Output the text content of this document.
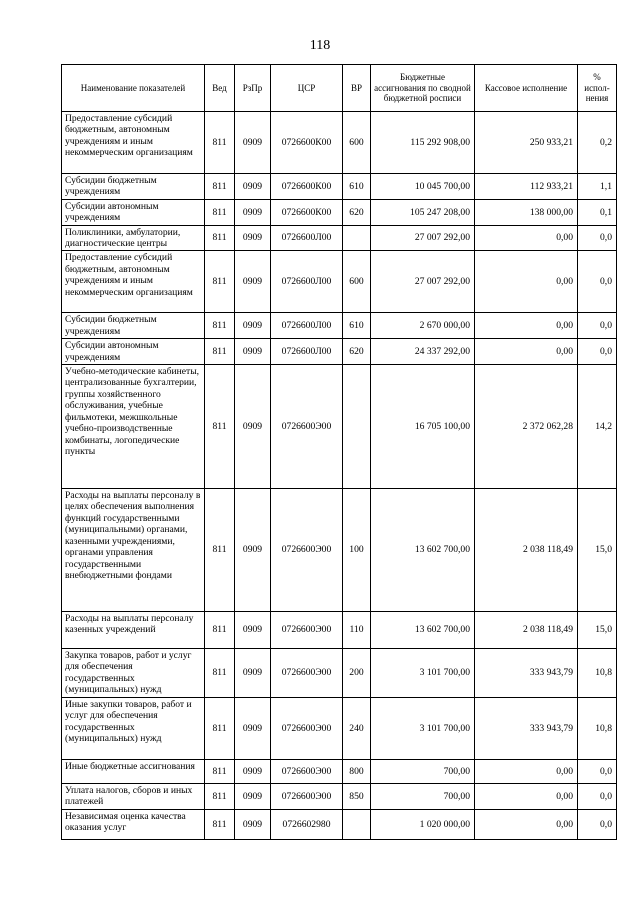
118
Наименование показателей	Вед	РзПр	ЦСР	ВР	Бюджетные ассигнования по сводной бюджетной росписи	Кассовое исполнение	% испол-нения
Предоставление субсидий бюджетным, автономным учреждениям и иным некоммерческим организациям	811	0909	0726600К00	600	115 292 908,00	250 933,21	0,2
Субсидии бюджетным учреждениям	811	0909	0726600К00	610	10 045 700,00	112 933,21	1,1
Субсидии автономным учреждениям	811	0909	0726600К00	620	105 247 208,00	138 000,00	0,1
Поликлиники, амбулатории, диагностические центры	811	0909	0726600Л00		27 007 292,00	0,00	0,0
Предоставление субсидий бюджетным, автономным учреждениям и иным некоммерческим организациям	811	0909	0726600Л00	600	27 007 292,00	0,00	0,0
Субсидии бюджетным учреждениям	811	0909	0726600Л00	610	2 670 000,00	0,00	0,0
Субсидии автономным учреждениям	811	0909	0726600Л00	620	24 337 292,00	0,00	0,0
Учебно-методические кабинеты, централизованные бухгалтерии, группы хозяйственного обслуживания, учебные фильмотеки, межшкольные учебно-производственные комбинаты, логопедические пункты	811	0909	0726600Э00		16 705 100,00	2 372 062,28	14,2
Расходы на выплаты персоналу в целях обеспечения выполнения функций государственными (муниципальными) органами, казенными учреждениями, органами управления государственными внебюджетными фондами	811	0909	0726600Э00	100	13 602 700,00	2 038 118,49	15,0
Расходы на выплаты персоналу казенных учреждений	811	0909	0726600Э00	110	13 602 700,00	2 038 118,49	15,0
Закупка товаров, работ и услуг для обеспечения государственных (муниципальных) нужд	811	0909	0726600Э00	200	3 101 700,00	333 943,79	10,8
Иные закупки товаров, работ и услуг для обеспечения государственных (муниципальных) нужд	811	0909	0726600Э00	240	3 101 700,00	333 943,79	10,8
Иные бюджетные ассигнования	811	0909	0726600Э00	800	700,00	0,00	0,0
Уплата налогов, сборов и иных платежей	811	0909	0726600Э00	850	700,00	0,00	0,0
Независимая оценка качества оказания услуг	811	0909	0726602980		1 020 000,00	0,00	0,0
